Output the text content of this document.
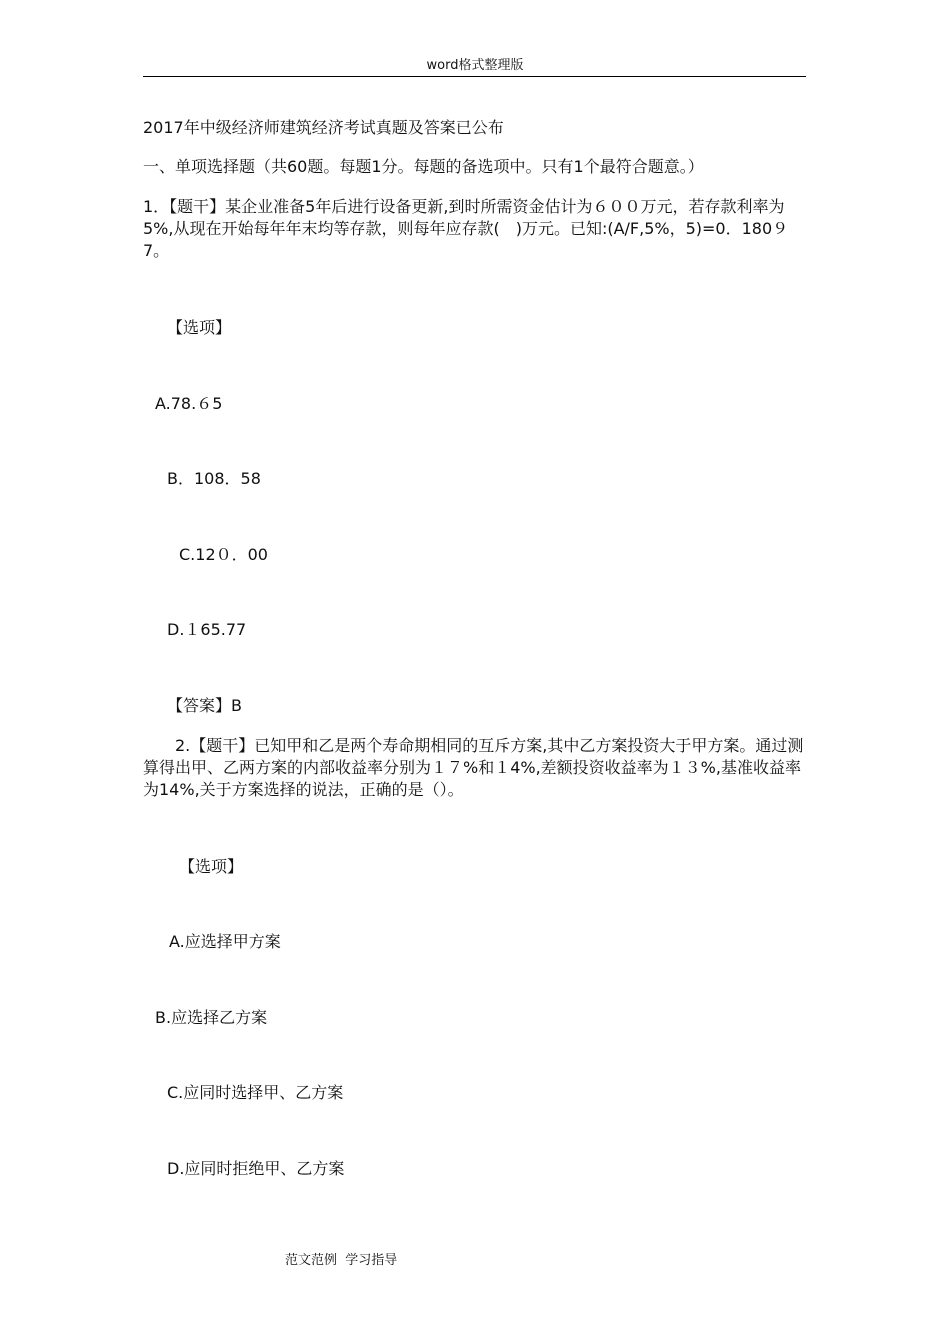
word格式整理版
2017年中级经济师建筑经济考试真题及答案已公布
一、单项选择题（共60题。每题1分。每题的备选项中。只有1个最符合题意。）
1．【题干】某企业准备5年后进行设备更新,到时所需资金估计为６００万元，若存款利率为5%,从现在开始每年年末均等存款，则每年应存款(　)万元。已知:(A/F,5%，5)=0．180９7。
【选项】
A.78.６5
B．108．58
C.12０．00
D.１65.77
【答案】B
　　2.【题干】已知甲和乙是两个寿命期相同的互斥方案,其中乙方案投资大于甲方案。通过测算得出甲、乙两方案的内部收益率分别为１７%和１4%,差额投资收益率为１３%,基准收益率为14%,关于方案选择的说法，正确的是（）。
【选项】
A.应选择甲方案
B.应选择乙方案
C.应同时选择甲、乙方案
D.应同时拒绝甲、乙方案
范文范例  学习指导
